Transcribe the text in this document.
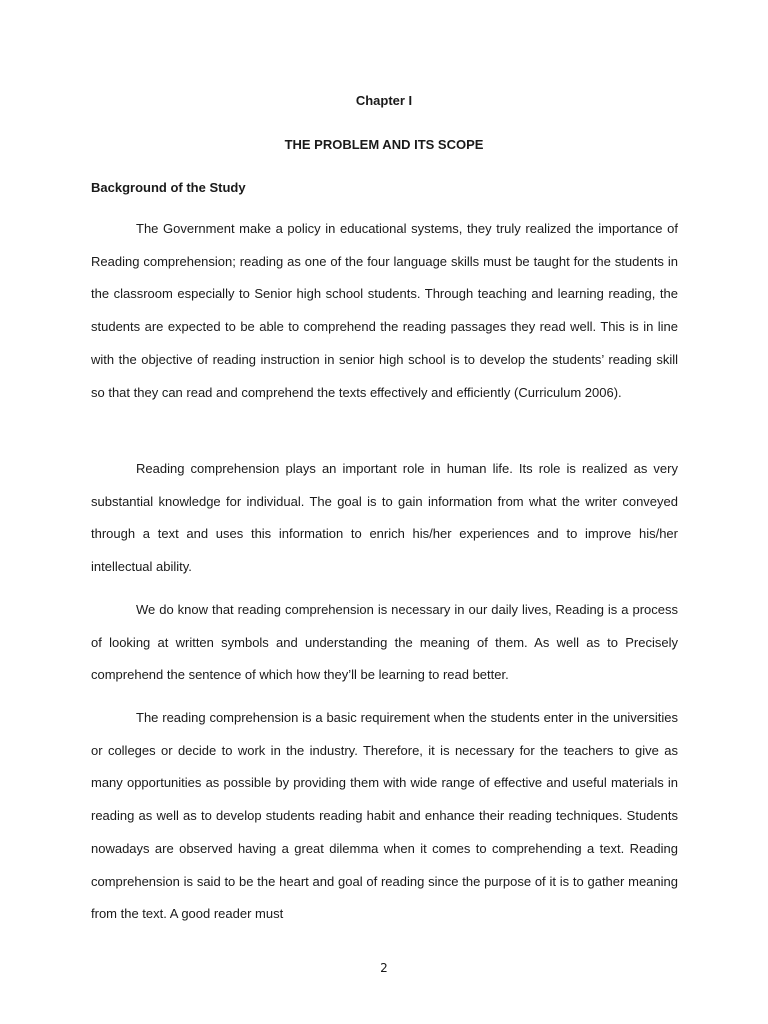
Chapter I
THE PROBLEM AND ITS SCOPE
Background of the Study

The Government make a policy in educational systems, they truly realized the importance of Reading comprehension; reading as one of the four language skills must be taught for the students in the classroom especially to Senior high school students. Through teaching and learning reading, the students are expected to be able to comprehend the reading passages they read well. This is in line with the objective of reading instruction in senior high school is to develop the students’ reading skill so that they can read and comprehend the texts effectively and efficiently (Curriculum 2006).

Reading comprehension plays an important role in human life. Its role is realized as very substantial knowledge for individual. The goal is to gain information from what the writer conveyed through a text and uses this information to enrich his/her experiences and to improve his/her intellectual ability.

We do know that reading comprehension is necessary in our daily lives, Reading is a process of looking at written symbols and understanding the meaning of them. As well as to Precisely comprehend the sentence of which how they’ll be learning to read better.

The reading comprehension is a basic requirement when the students enter in the universities or colleges or decide to work in the industry. Therefore, it is necessary for the teachers to give as many opportunities as possible by providing them with wide range of effective and useful materials in reading as well as to develop students reading habit and enhance their reading techniques. Students nowadays are observed having a great dilemma when it comes to comprehending a text. Reading comprehension is said to be the heart and goal of reading since the purpose of it is to gather meaning from the text. A good reader must

2
